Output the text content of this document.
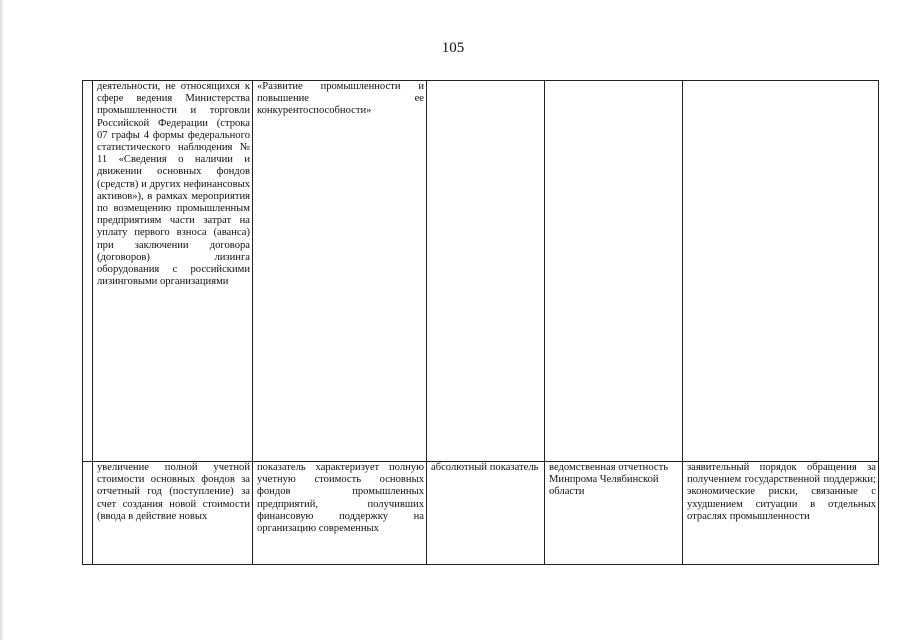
105
	деятельности, не относящихся к сфере ведения Министерства промышленности и торговли Российской Федерации (строка 07 графы 4 формы федерального статистического наблюдения № 11 «Сведения о наличии и движении основных фондов (средств) и других нефинансовых активов»), в рамках мероприятия по возмещению промышленным предприятиям части затрат на уплату первого взноса (аванса) при заключении договора (договоров) лизинга оборудования с российскими лизинговыми организациями	«Развитие промышленности и повышение ее конкурентоспособности»			
	увеличение полной учетной стоимости основных фондов за отчетный год (поступление) за счет создания новой стоимости (ввода в действие новых	показатель характеризует полную учетную стоимость основных фондов промышленных предприятий, получивших финансовую поддержку на организацию современных	абсолютный показатель	ведомственная отчетность Минпрома Челябинской области	заявительный порядок обращения за получением государственной поддержки; экономические риски, связанные с ухудшением ситуации в отдельных отраслях промышленности
